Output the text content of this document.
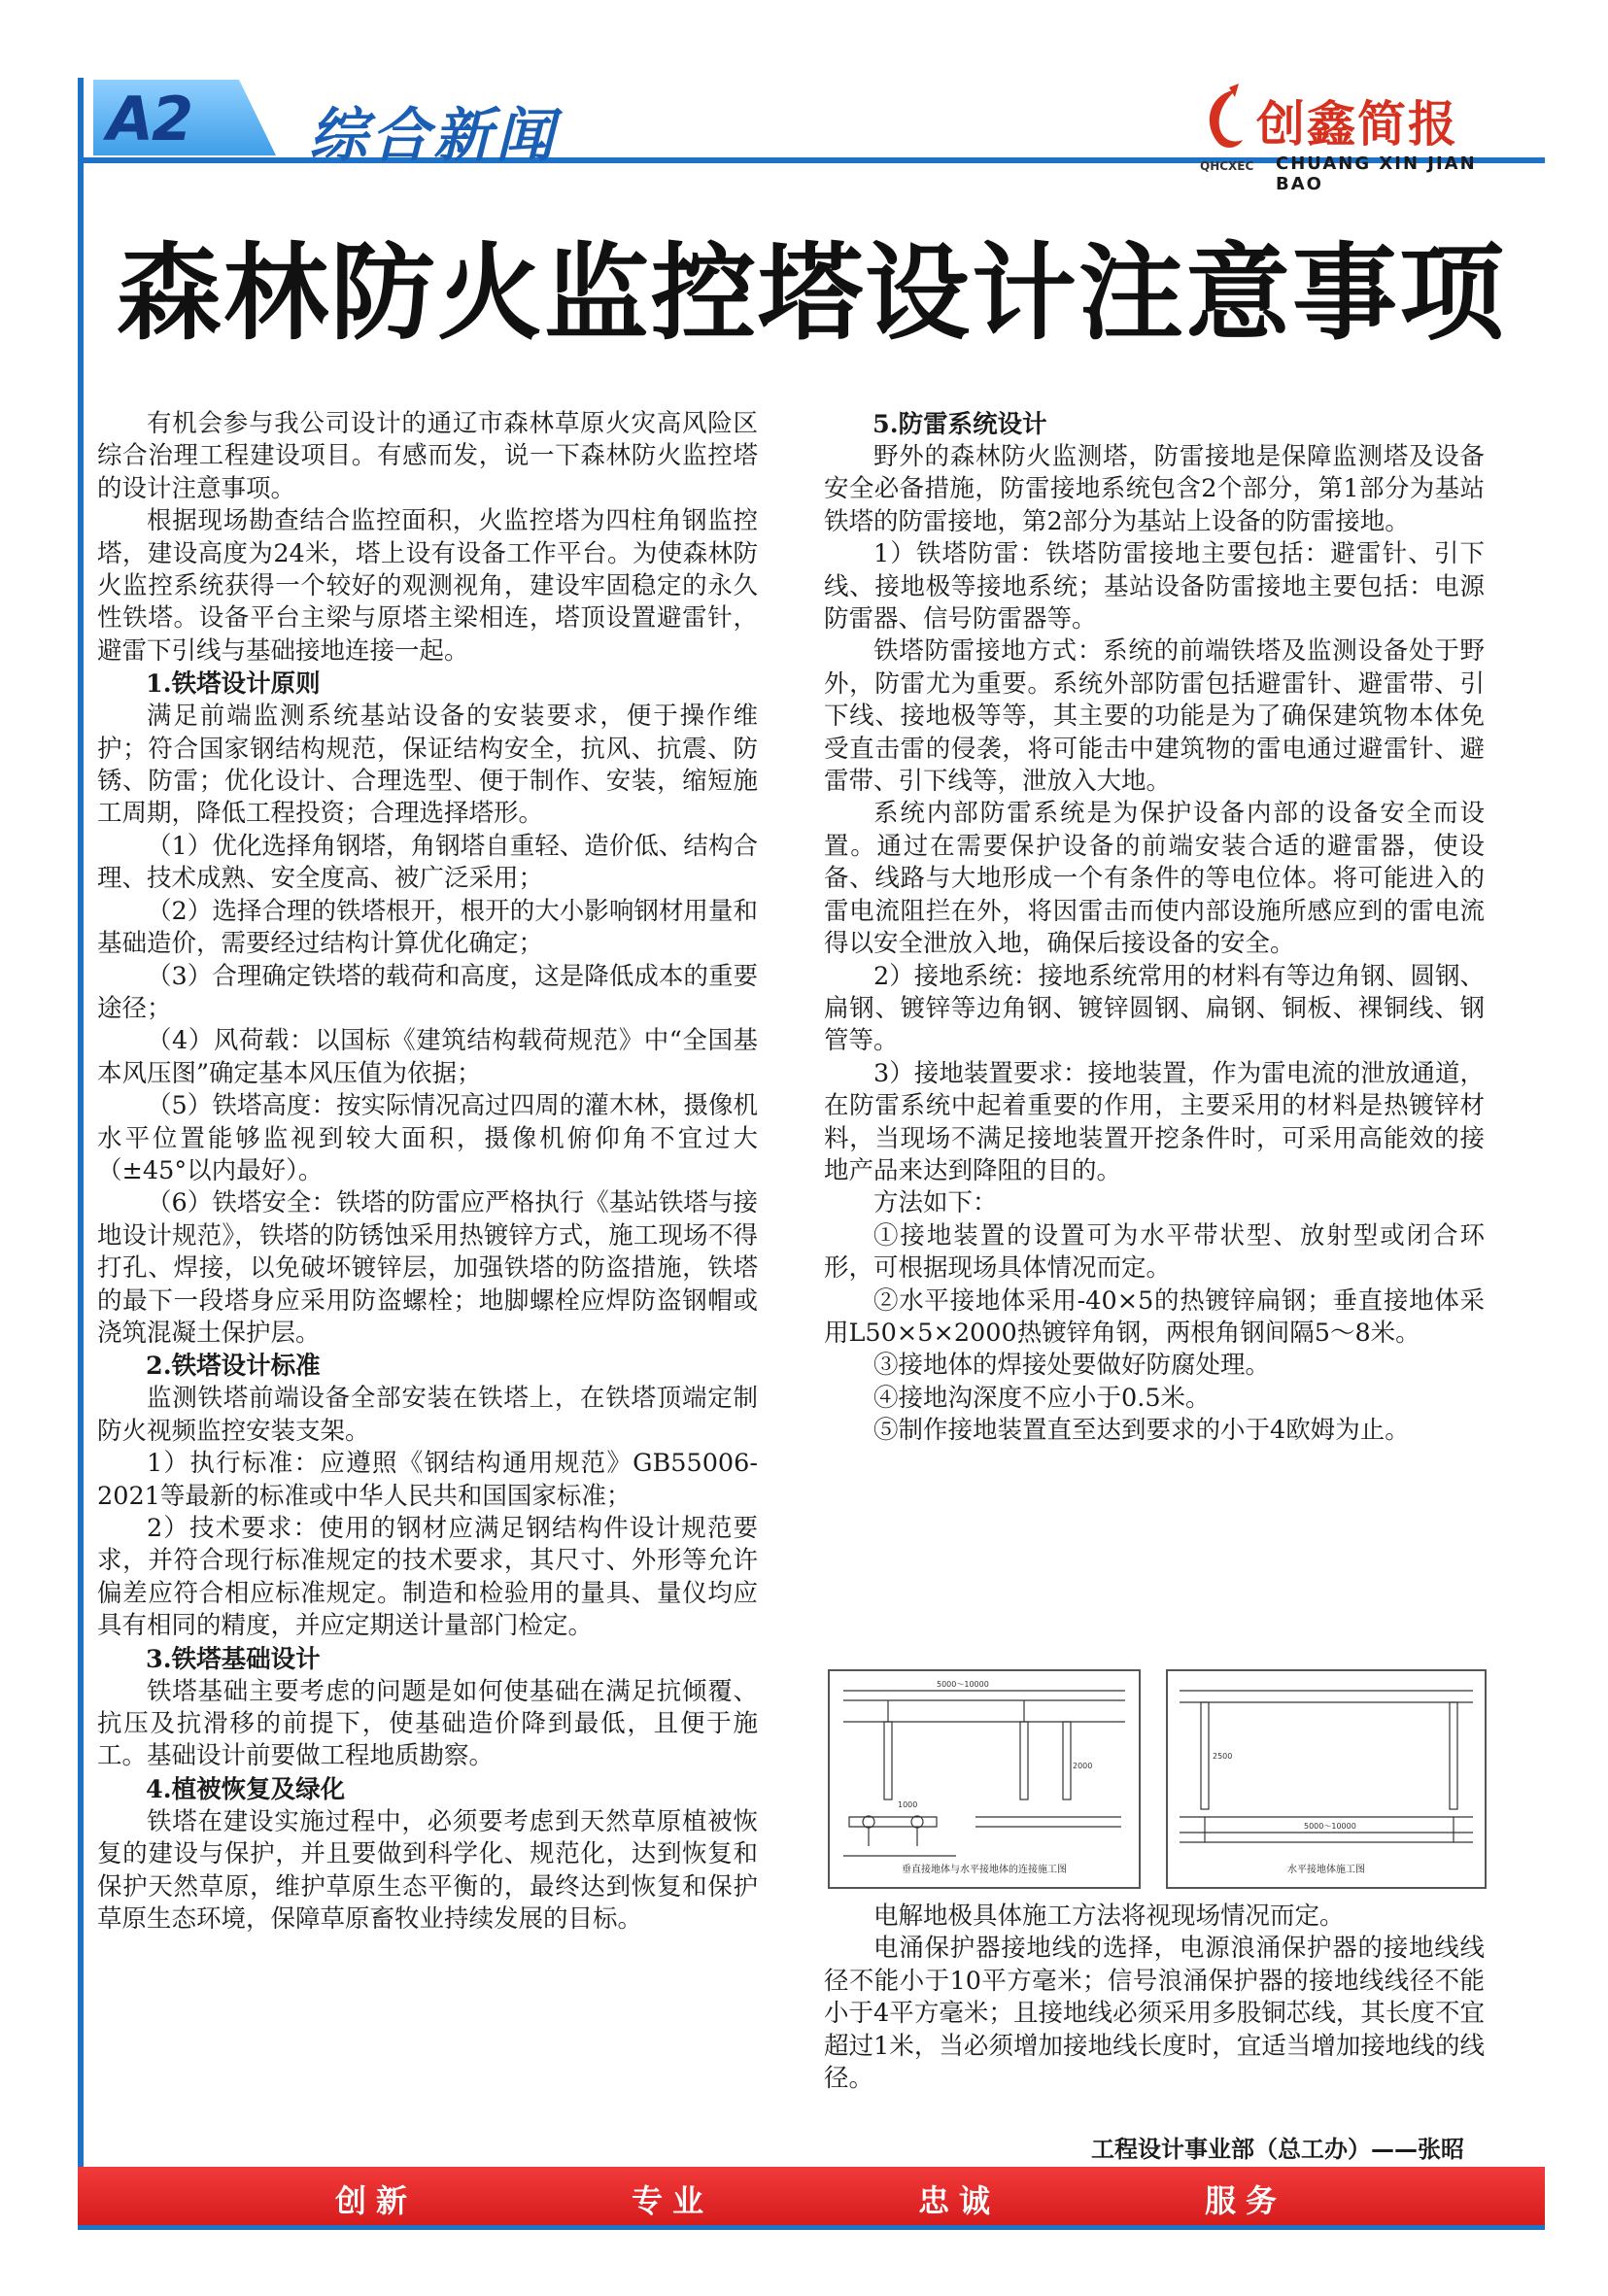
A2 综合新闻	创鑫简报
QHCXEC CHUANG XIN JIAN BAO
森林防火监控塔设计注意事项

有机会参与我公司设计的通辽市森林草原火灾高风险区综合治理工程建设项目。有感而发，说一下森林防火监控塔的设计注意事项。

根据现场勘查结合监控面积，火监控塔为四柱角钢监控塔，建设高度为24米，塔上设有设备工作平台。为使森林防火监控系统获得一个较好的观测视角，建设牢固稳定的永久性铁塔。设备平台主梁与原塔主梁相连，塔顶设置避雷针，避雷下引线与基础接地连接一起。

1.铁塔设计原则

满足前端监测系统基站设备的安装要求，便于操作维护；符合国家钢结构规范，保证结构安全，抗风、抗震、防锈、防雷；优化设计、合理选型、便于制作、安装，缩短施工周期，降低工程投资；合理选择塔形。

（1）优化选择角钢塔，角钢塔自重轻、造价低、结构合理、技术成熟、安全度高、被广泛采用；

（2）选择合理的铁塔根开，根开的大小影响钢材用量和基础造价，需要经过结构计算优化确定；

（3）合理确定铁塔的载荷和高度，这是降低成本的重要途径；

（4）风荷载：以国标《建筑结构载荷规范》中“全国基本风压图”确定基本风压值为依据；

（5）铁塔高度：按实际情况高过四周的灌木林，摄像机水平位置能够监视到较大面积，摄像机俯仰角不宜过大（±45°以内最好）。

（6）铁塔安全：铁塔的防雷应严格执行《基站铁塔与接地设计规范》，铁塔的防锈蚀采用热镀锌方式，施工现场不得打孔、焊接，以免破坏镀锌层，加强铁塔的防盗措施，铁塔的最下一段塔身应采用防盗螺栓；地脚螺栓应焊防盗钢帽或浇筑混凝土保护层。

2.铁塔设计标准

监测铁塔前端设备全部安装在铁塔上，在铁塔顶端定制防火视频监控安装支架。

1）执行标准：应遵照《钢结构通用规范》GB55006-2021等最新的标准或中华人民共和国国家标准；

2）技术要求：使用的钢材应满足钢结构件设计规范要求，并符合现行标准规定的技术要求，其尺寸、外形等允许偏差应符合相应标准规定。制造和检验用的量具、量仪均应具有相同的精度，并应定期送计量部门检定。

3.铁塔基础设计

铁塔基础主要考虑的问题是如何使基础在满足抗倾覆、抗压及抗滑移的前提下，使基础造价降到最低，且便于施工。基础设计前要做工程地质勘察。

4.植被恢复及绿化

铁塔在建设实施过程中，必须要考虑到天然草原植被恢复的建设与保护，并且要做到科学化、规范化，达到恢复和保护天然草原，维护草原生态平衡的，最终达到恢复和保护草原生态环境，保障草原畜牧业持续发展的目标。

5.防雷系统设计

野外的森林防火监测塔，防雷接地是保障监测塔及设备安全必备措施，防雷接地系统包含2个部分，第1部分为基站铁塔的防雷接地，第2部分为基站上设备的防雷接地。

1）铁塔防雷：铁塔防雷接地主要包括：避雷针、引下线、接地极等接地系统；基站设备防雷接地主要包括：电源防雷器、信号防雷器等。

铁塔防雷接地方式：系统的前端铁塔及监测设备处于野外，防雷尤为重要。系统外部防雷包括避雷针、避雷带、引下线、接地极等等，其主要的功能是为了确保建筑物本体免受直击雷的侵袭，将可能击中建筑物的雷电通过避雷针、避雷带、引下线等，泄放入大地。

系统内部防雷系统是为保护设备内部的设备安全而设置。通过在需要保护设备的前端安装合适的避雷器，使设备、线路与大地形成一个有条件的等电位体。将可能进入的雷电流阻拦在外，将因雷击而使内部设施所感应到的雷电流得以安全泄放入地，确保后接设备的安全。

2）接地系统：接地系统常用的材料有等边角钢、圆钢、扁钢、镀锌等边角钢、镀锌圆钢、扁钢、铜板、裸铜线、钢管等。

3）接地装置要求：接地装置，作为雷电流的泄放通道，在防雷系统中起着重要的作用，主要采用的材料是热镀锌材料，当现场不满足接地装置开挖条件时，可采用高能效的接地产品来达到降阻的目的。

方法如下：

①接地装置的设置可为水平带状型、放射型或闭合环形，可根据现场具体情况而定。

②水平接地体采用-40×5的热镀锌扁钢；垂直接地体采用L50×5×2000热镀锌角钢，两根角钢间隔5～8米。

③接地体的焊接处要做好防腐处理。

④接地沟深度不应小于0.5米。

⑤制作接地装置直至达到要求的小于4欧姆为止。

5000～10000
1000
2000
垂直接地体与水平接地体的连接施工图
5000～10000
2500
水平接地体施工图

电解地极具体施工方法将视现场情况而定。

电涌保护器接地线的选择，电源浪涌保护器的接地线线径不能小于10平方毫米；信号浪涌保护器的接地线线径不能小于4平方毫米；且接地线必须采用多股铜芯线，其长度不宜超过1米，当必须增加接地线长度时，宜适当增加接地线的线径。

工程设计事业部（总工办）——张昭
创新	专业	忠诚	服务
